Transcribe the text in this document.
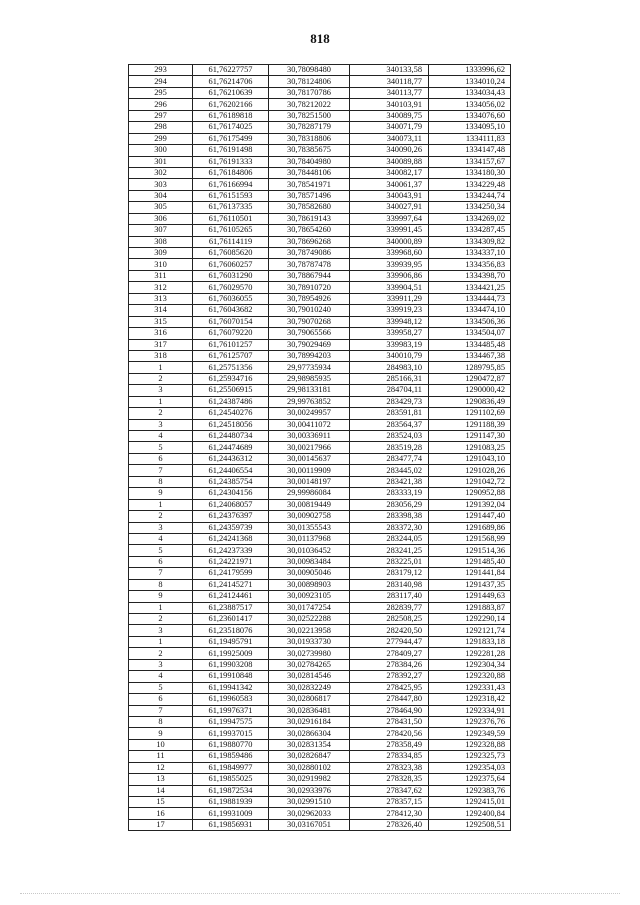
818
293	61,76227757	30,78098480	340133,58	1333996,62
294	61,76214706	30,78124806	340118,77	1334010,24
295	61,76210639	30,78170786	340113,77	1334034,43
296	61,76202166	30,78212022	340103,91	1334056,02
297	61,76189818	30,78251500	340089,75	1334076,60
298	61,76174025	30,78287179	340071,79	1334095,10
299	61,76175499	30,78318806	340073,11	1334111,83
300	61,76191498	30,78385675	340090,26	1334147,48
301	61,76191333	30,78404980	340089,88	1334157,67
302	61,76184806	30,78448106	340082,17	1334180,30
303	61,76166994	30,78541971	340061,37	1334229,48
304	61,76151593	30,78571496	340043,91	1334244,74
305	61,76137335	30,78582680	340027,91	1334250,34
306	61,76110501	30,78619143	339997,64	1334269,02
307	61,76105265	30,78654260	339991,45	1334287,45
308	61,76114119	30,78696268	340000,89	1334309,82
309	61,76085620	30,78749086	339968,60	1334337,10
310	61,76060257	30,78787478	339939,95	1334356,83
311	61,76031290	30,78867944	339906,86	1334398,70
312	61,76029570	30,78910720	339904,51	1334421,25
313	61,76036055	30,78954926	339911,29	1334444,73
314	61,76043682	30,79010240	339919,23	1334474,10
315	61,76070154	30,79070268	339948,12	1334506,36
316	61,76079220	30,79065566	339958,27	1334504,07
317	61,76101257	30,79029469	339983,19	1334485,48
318	61,76125707	30,78994203	340010,79	1334467,38
1	61,25751356	29,97735934	284983,10	1289795,85
2	61,25934716	29,98985935	285166,31	1290472,87
3	61,25506915	29,98133181	284704,11	1290000,42
1	61,24387486	29,99763852	283429,73	1290836,49
2	61,24540276	30,00249957	283591,81	1291102,69
3	61,24518056	30,00411072	283564,37	1291188,39
4	61,24480734	30,00336911	283524,03	1291147,30
5	61,24474689	30,00217966	283519,28	1291083,25
6	61,24436312	30,00145637	283477,74	1291043,10
7	61,24406554	30,00119909	283445,02	1291028,26
8	61,24385754	30,00148197	283421,38	1291042,72
9	61,24304156	29,99986084	283333,19	1290952,88
1	61,24068057	30,00819449	283056,29	1291392,04
2	61,24376397	30,00902758	283398,38	1291447,40
3	61,24359739	30,01355543	283372,30	1291689,86
4	61,24241368	30,01137968	283244,05	1291568,99
5	61,24237339	30,01036452	283241,25	1291514,36
6	61,24221971	30,00983484	283225,01	1291485,40
7	61,24179599	30,00905046	283179,12	1291441,84
8	61,24145271	30,00898903	283140,98	1291437,35
9	61,24124461	30,00923105	283117,40	1291449,63
1	61,23887517	30,01747254	282839,77	1291883,87
2	61,23601417	30,02522288	282508,25	1292290,14
3	61,23518076	30,02213958	282420,50	1292121,74
1	61,19495791	30,01933730	277944,47	1291833,18
2	61,19925009	30,02739980	278409,27	1292281,28
3	61,19903208	30,02784265	278384,26	1292304,34
4	61,19910848	30,02814546	278392,27	1292320,88
5	61,19941342	30,02832249	278425,95	1292331,43
6	61,19960583	30,02806817	278447,80	1292318,42
7	61,19976371	30,02836481	278464,90	1292334,91
8	61,19947575	30,02916184	278431,50	1292376,76
9	61,19937015	30,02866304	278420,56	1292349,59
10	61,19880770	30,02831354	278358,49	1292328,88
11	61,19859486	30,02826847	278334,85	1292325,73
12	61,19849977	30,02880102	278323,38	1292354,03
13	61,19855025	30,02919982	278328,35	1292375,64
14	61,19872534	30,02933976	278347,62	1292383,76
15	61,19881939	30,02991510	278357,15	1292415,01
16	61,19931009	30,02962033	278412,30	1292400,84
17	61,19856931	30,03167051	278326,40	1292508,51
